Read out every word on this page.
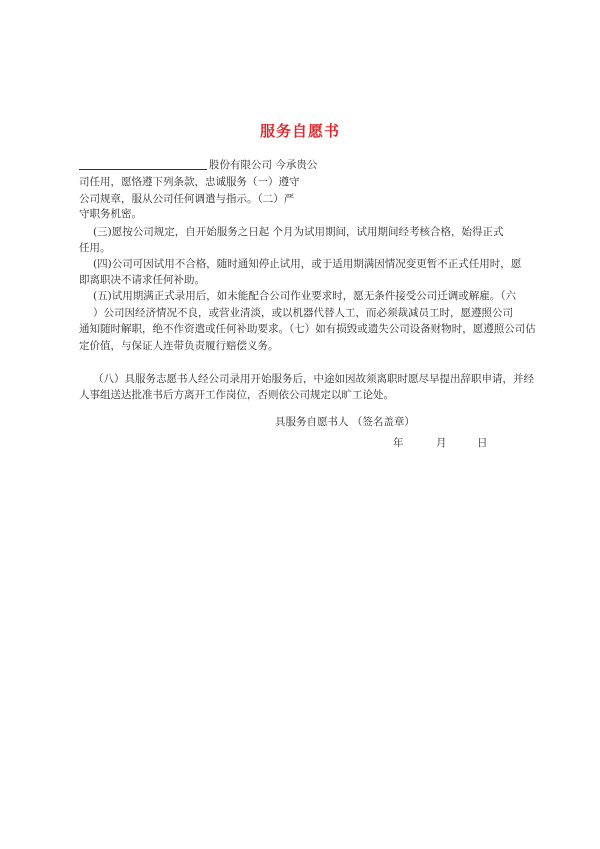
服务自愿书
股份有限公司 今承贵公
司任用，愿恪遵下列条款，忠诚服务（一）遵守
公司规章，服从公司任何调遣与指示。（二）严
守职务机密。
(三)愿按公司规定，自开始服务之日起 个月为试用期间，试用期间经考核合格，始得正式
任用。
(四)公司可因试用不合格，随时通知停止试用，或于适用期满因情况变更暂不正式任用时，愿
即离职决不请求任何补助。
(五)试用期满正式录用后，如未能配合公司作业要求时，愿无条件接受公司迁调或解雇。（六
）公司因经济情况不良，或营业清淡，或以机器代替人工，而必须裁减员工时，愿遵照公司
通知随时解职，绝不作资遣或任何补助要求。（七）如有损毁或遗失公司设备财物时，愿遵照公司估
定价值，与保证人连带负责履行赔偿义务。
（八）具服务志愿书人经公司录用开始服务后，中途如因故须离职时愿尽早提出辞职申请，并经
人事组送达批准书后方离开工作岗位，否则依公司规定以旷工论处。
具服务自愿书人 （签名盖章）
年	月	日
